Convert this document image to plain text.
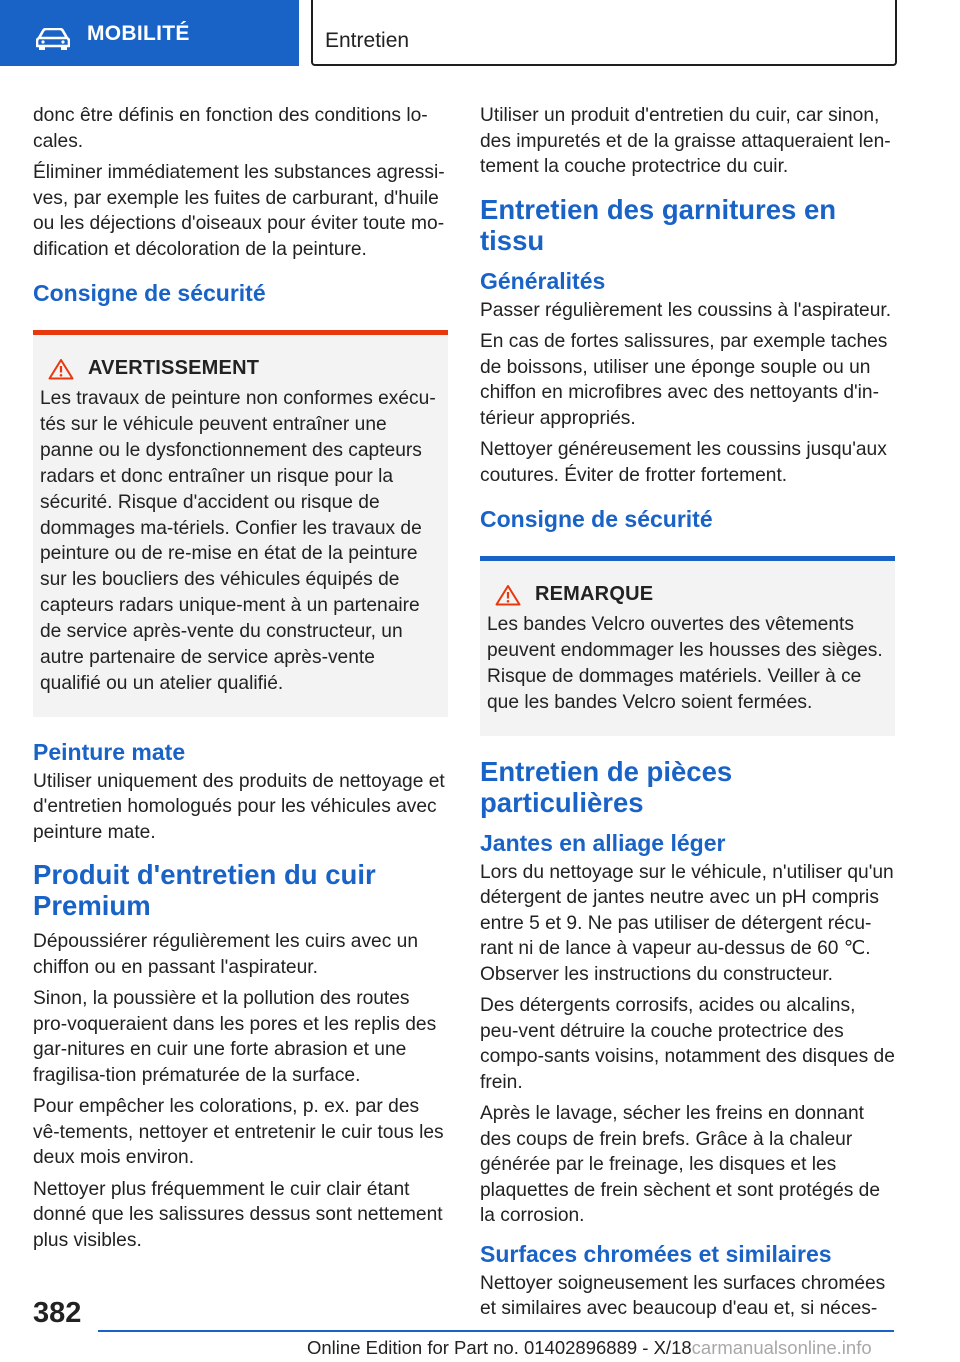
MOBILITÉ	Entretien

donc être définis en fonction des conditions lo-cales.

Éliminer immédiatement les substances agressi-ves, par exemple les fuites de carburant, d'huile ou les déjections d'oiseaux pour éviter toute mo-dification et décoloration de la peinture.

Consigne de sécurité
AVERTISSEMENT

Les travaux de peinture non conformes exécu-tés sur le véhicule peuvent entraîner une panne ou le dysfonctionnement des capteurs radars et donc entraîner un risque pour la sécurité. Risque d'accident ou risque de dommages ma-tériels. Confier les travaux de peinture ou de re-mise en état de la peinture sur les boucliers des véhicules équipés de capteurs radars unique-ment à un partenaire de service après-vente du constructeur, un autre partenaire de service après-vente qualifié ou un atelier qualifié.

Peinture mate

Utiliser uniquement des produits de nettoyage et d'entretien homologués pour les véhicules avec peinture mate.

Produit d'entretien du cuir Premium

Dépoussiérer régulièrement les cuirs avec un chiffon ou en passant l'aspirateur.

Sinon, la poussière et la pollution des routes pro-voqueraient dans les pores et les replis des gar-nitures en cuir une forte abrasion et une fragilisa-tion prématurée de la surface.

Pour empêcher les colorations, p. ex. par des vê-tements, nettoyer et entretenir le cuir tous les deux mois environ.

Nettoyer plus fréquemment le cuir clair étant donné que les salissures dessus sont nettement plus visibles.

Utiliser un produit d'entretien du cuir, car sinon, des impuretés et de la graisse attaqueraient len-tement la couche protectrice du cuir.

Entretien des garnitures en tissu
Généralités

Passer régulièrement les coussins à l'aspirateur.

En cas de fortes salissures, par exemple taches de boissons, utiliser une éponge souple ou un chiffon en microfibres avec des nettoyants d'in-térieur appropriés.

Nettoyer généreusement les coussins jusqu'aux coutures. Éviter de frotter fortement.

Consigne de sécurité
REMARQUE

Les bandes Velcro ouvertes des vêtements peuvent endommager les housses des sièges. Risque de dommages matériels. Veiller à ce que les bandes Velcro soient fermées.

Entretien de pièces particulières
Jantes en alliage léger

Lors du nettoyage sur le véhicule, n'utiliser qu'un détergent de jantes neutre avec un pH compris entre 5 et 9. Ne pas utiliser de détergent récu-rant ni de lance à vapeur au-dessus de 60 ℃. Observer les instructions du constructeur.

Des détergents corrosifs, acides ou alcalins, peu-vent détruire la couche protectrice des compo-sants voisins, notamment des disques de frein.

Après le lavage, sécher les freins en donnant des coups de frein brefs. Grâce à la chaleur générée par le freinage, les disques et les plaquettes de frein sèchent et sont protégés de la corrosion.

Surfaces chromées et similaires

Nettoyer soigneusement les surfaces chromées et similaires avec beaucoup d'eau et, si néces-

382
Online Edition for Part no. 01402896889 - X/18carmanualsonline.info
